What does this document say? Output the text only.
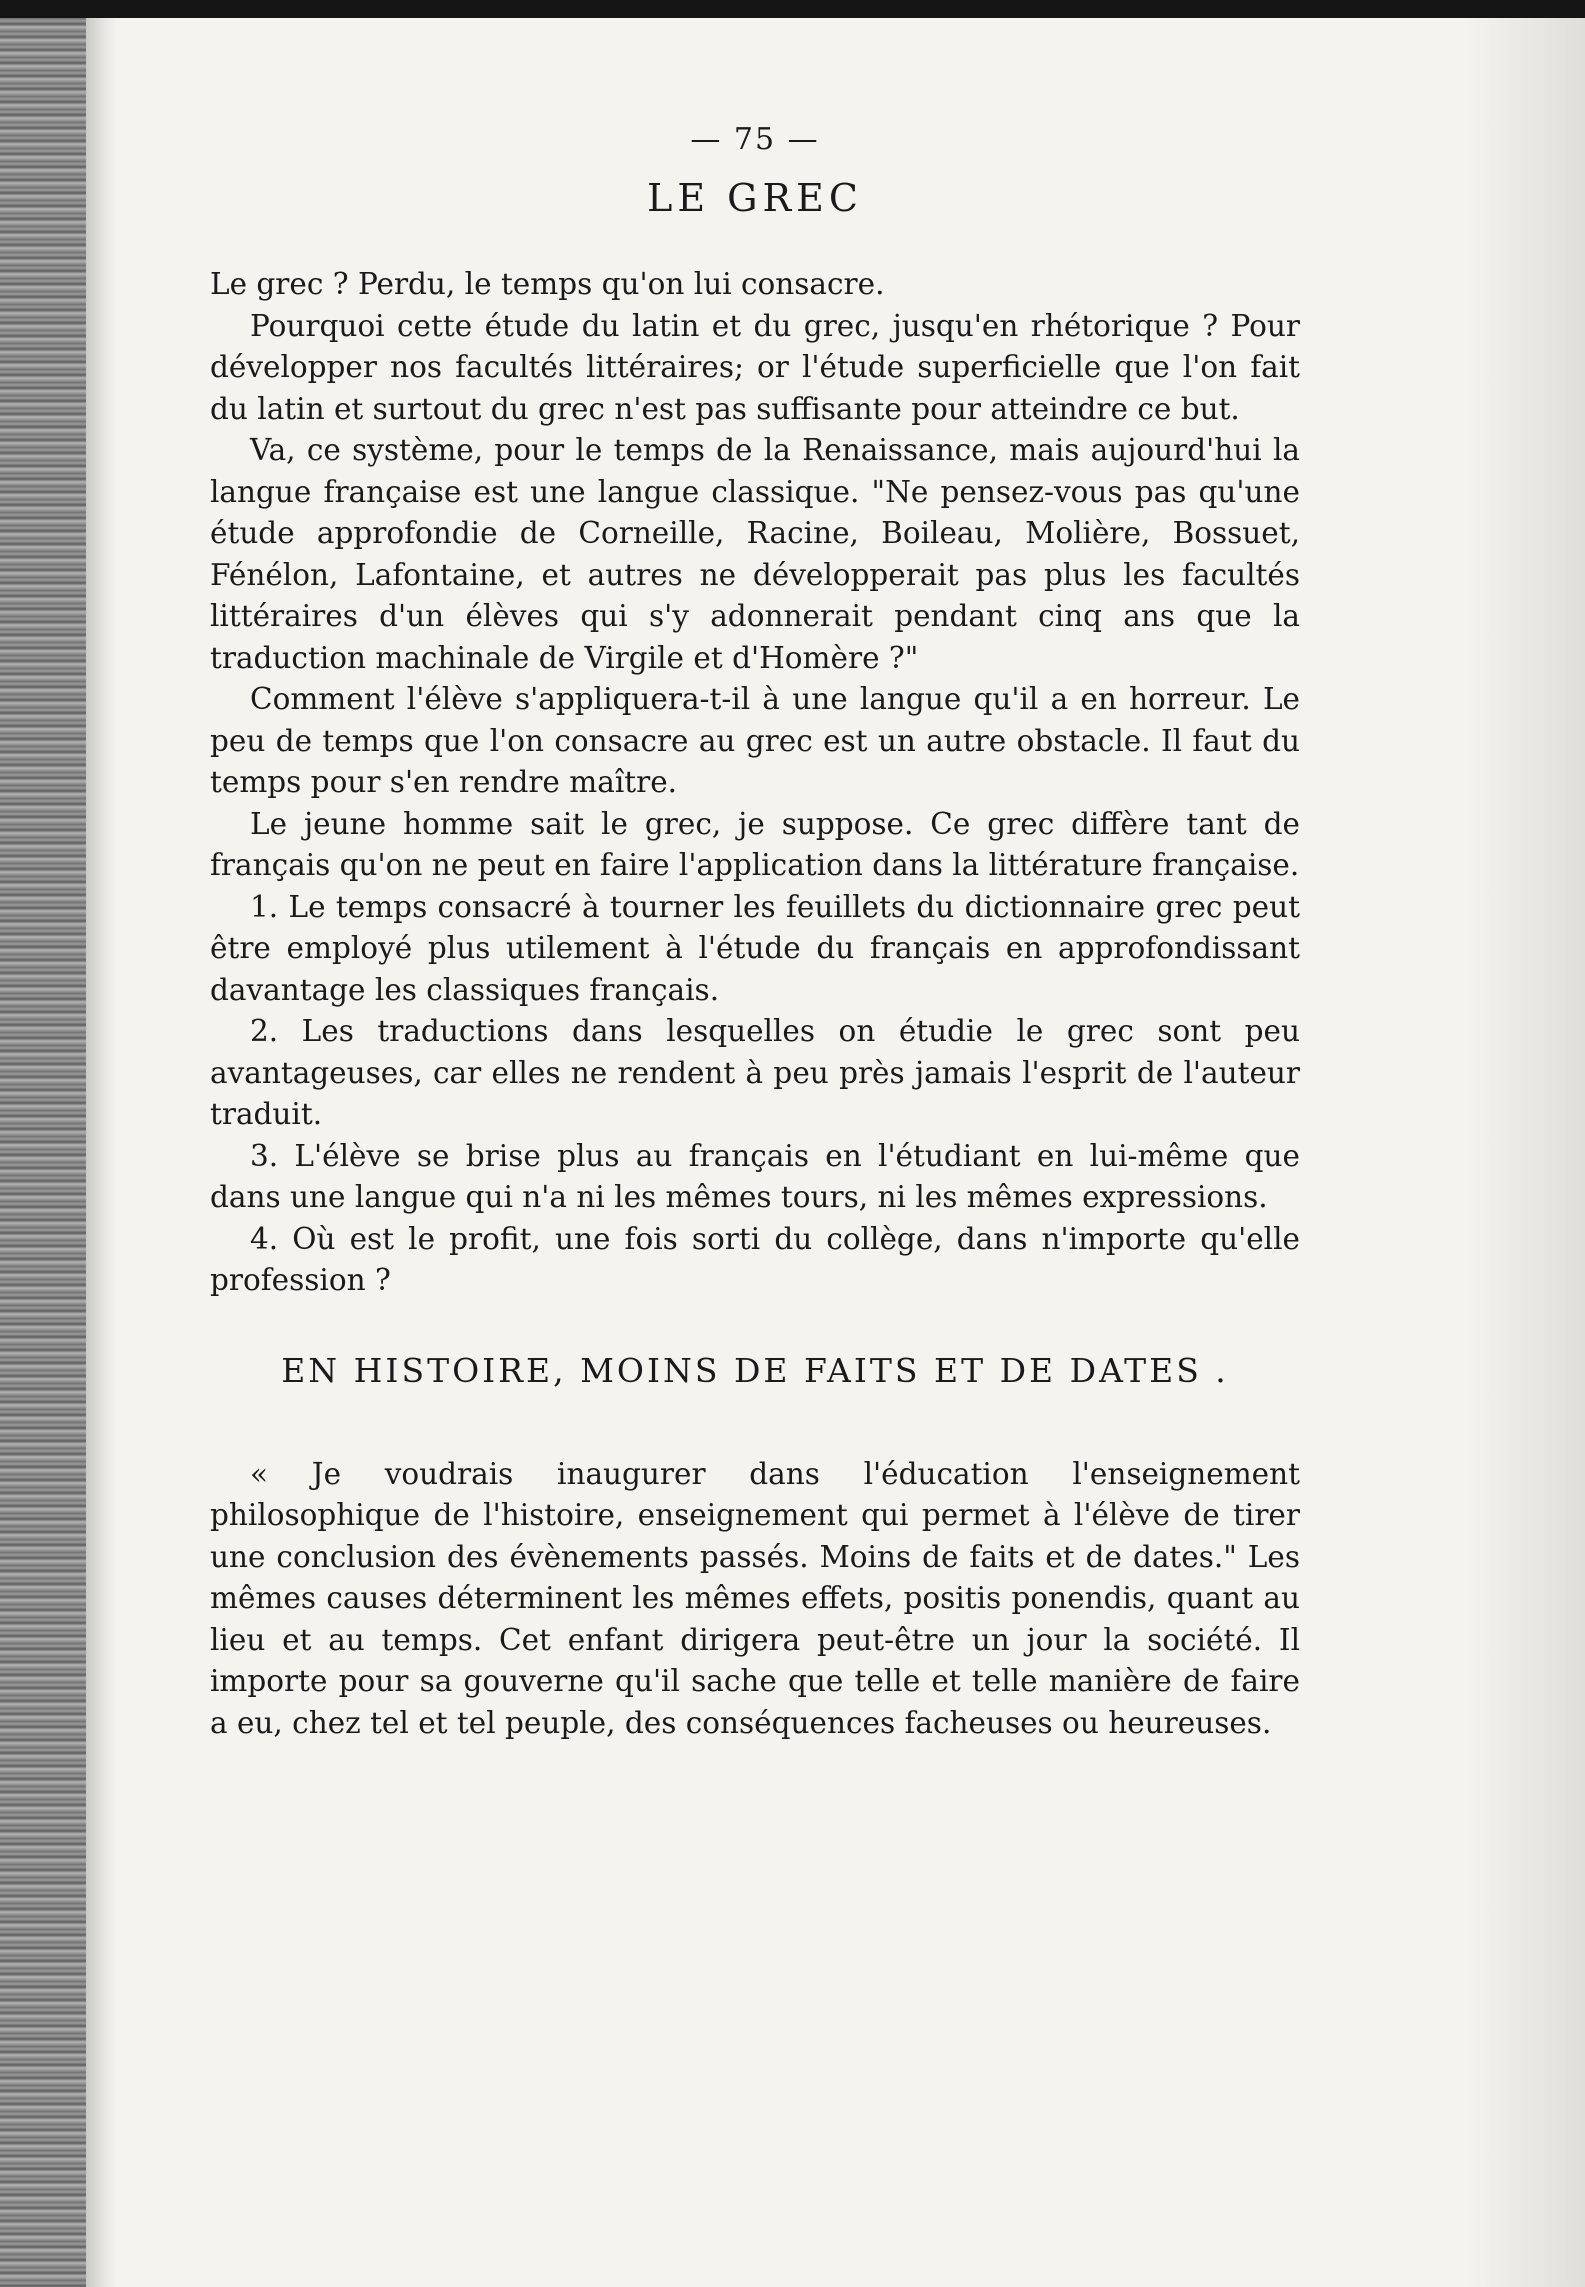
— 75 —
LE GREC

Le grec ? Perdu, le temps qu'on lui consacre.

Pourquoi cette étude du latin et du grec, jusqu'en rhétorique ? Pour développer nos facultés littéraires; or l'étude superficielle que l'on fait du latin et surtout du grec n'est pas suffisante pour atteindre ce but.

Va, ce système, pour le temps de la Renaissance, mais aujourd'hui la langue française est une langue classique. "Ne pensez-vous pas qu'une étude approfondie de Corneille, Racine, Boileau, Molière, Bossuet, Fénélon, Lafontaine, et autres ne développerait pas plus les facultés littéraires d'un élèves qui s'y adonnerait pendant cinq ans que la traduction machinale de Virgile et d'Homère ?"

Comment l'élève s'appliquera-t-il à une langue qu'il a en horreur. Le peu de temps que l'on consacre au grec est un autre obstacle. Il faut du temps pour s'en rendre maître.

Le jeune homme sait le grec, je suppose. Ce grec diffère tant de français qu'on ne peut en faire l'application dans la littérature française.

1. Le temps consacré à tourner les feuillets du dictionnaire grec peut être employé plus utilement à l'étude du français en approfondissant davantage les classiques français.

2. Les traductions dans lesquelles on étudie le grec sont peu avantageuses, car elles ne rendent à peu près jamais l'esprit de l'auteur traduit.

3. L'élève se brise plus au français en l'étudiant en lui-même que dans une langue qui n'a ni les mêmes tours, ni les mêmes expressions.

4. Où est le profit, une fois sorti du collège, dans n'importe qu'elle profession ?

EN HISTOIRE, MOINS DE FAITS ET DE DATES .

« Je voudrais inaugurer dans l'éducation l'enseignement philosophique de l'histoire, enseignement qui permet à l'élève de tirer une conclusion des évènements passés. Moins de faits et de dates." Les mêmes causes déterminent les mêmes effets, positis ponendis, quant au lieu et au temps. Cet enfant dirigera peut-être un jour la société. Il importe pour sa gouverne qu'il sache que telle et telle manière de faire a eu, chez tel et tel peuple, des conséquences facheuses ou heureuses.
